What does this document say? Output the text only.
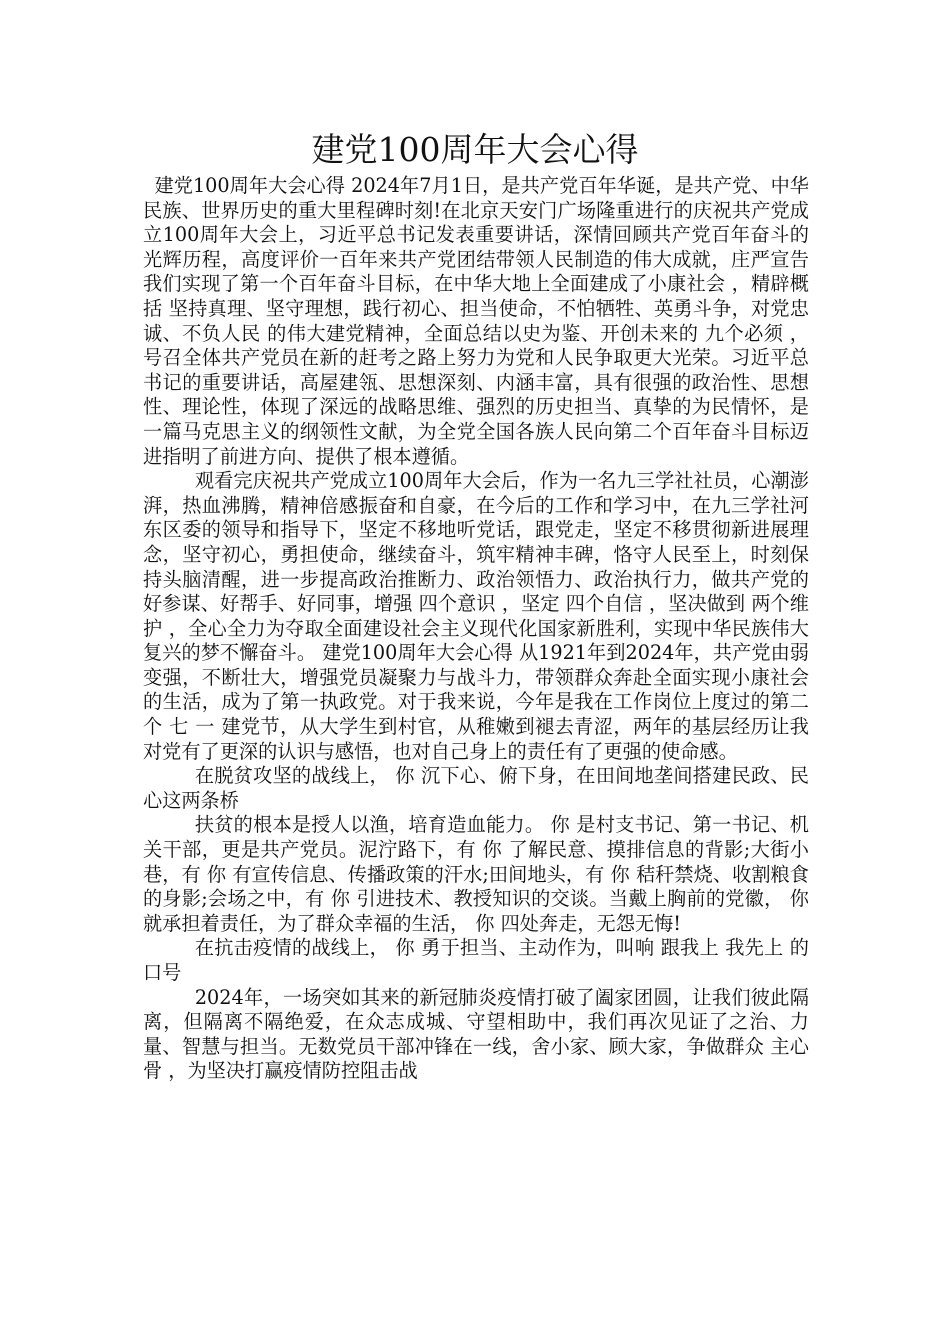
建党100周年大会心得

建党100周年大会心得 2024年7月1日，是共产党百年华诞，是共产党、中华民族、世界历史的重大里程碑时刻!在北京天安门广场隆重进行的庆祝共产党成立100周年大会上，习近平总书记发表重要讲话，深情回顾共产党百年奋斗的光辉历程，高度评价一百年来共产党团结带领人民制造的伟大成就，庄严宣告 我们实现了第一个百年奋斗目标，在中华大地上全面建成了小康社会 ，精辟概括 坚持真理、坚守理想，践行初心、担当使命，不怕牺牲、英勇斗争，对党忠诚、不负人民 的伟大建党精神，全面总结以史为鉴、开创未来的 九个必须 ，号召全体共产党员在新的赶考之路上努力为党和人民争取更大光荣。习近平总书记的重要讲话，高屋建瓴、思想深刻、内涵丰富，具有很强的政治性、思想性、理论性，体现了深远的战略思维、强烈的历史担当、真挚的为民情怀，是一篇马克思主义的纲领性文献，为全党全国各族人民向第二个百年奋斗目标迈进指明了前进方向、提供了根本遵循。

观看完庆祝共产党成立100周年大会后，作为一名九三学社社员，心潮澎湃，热血沸腾，精神倍感振奋和自豪，在今后的工作和学习中，在九三学社河东区委的领导和指导下，坚定不移地听党话，跟党走，坚定不移贯彻新进展理念，坚守初心，勇担使命，继续奋斗，筑牢精神丰碑，恪守人民至上，时刻保持头脑清醒，进一步提高政治推断力、政治领悟力、政治执行力，做共产党的好参谋、好帮手、好同事，增强 四个意识 ，坚定 四个自信 ，坚决做到 两个维护 ，全心全力为夺取全面建设社会主义现代化国家新胜利，实现中华民族伟大复兴的梦不懈奋斗。 建党100周年大会心得 从1921年到2024年，共产党由弱变强，不断壮大，增强党员凝聚力与战斗力，带领群众奔赴全面实现小康社会的生活，成为了第一执政党。对于我来说，今年是我在工作岗位上度过的第二个 七 一 建党节，从大学生到村官，从稚嫩到褪去青涩，两年的基层经历让我对党有了更深的认识与感悟，也对自己身上的责任有了更强的使命感。

在脱贫攻坚的战线上， 你 沉下心、俯下身，在田间地垄间搭建民政、民心这两条桥

扶贫的根本是授人以渔，培育造血能力。 你 是村支书记、第一书记、机关干部，更是共产党员。泥泞路下，有 你 了解民意、摸排信息的背影;大街小巷，有 你 有宣传信息、传播政策的汗水;田间地头，有 你 秸秆禁烧、收割粮食的身影;会场之中，有 你 引进技术、教授知识的交谈。当戴上胸前的党徽， 你 就承担着责任，为了群众幸福的生活， 你 四处奔走，无怨无悔!

在抗击疫情的战线上， 你 勇于担当、主动作为，叫响 跟我上 我先上 的口号

2024年，一场突如其来的新冠肺炎疫情打破了阖家团圆，让我们彼此隔离，但隔离不隔绝爱，在众志成城、守望相助中，我们再次见证了之治、力量、智慧与担当。无数党员干部冲锋在一线，舍小家、顾大家，争做群众 主心骨 ，为坚决打赢疫情防控阻击战
